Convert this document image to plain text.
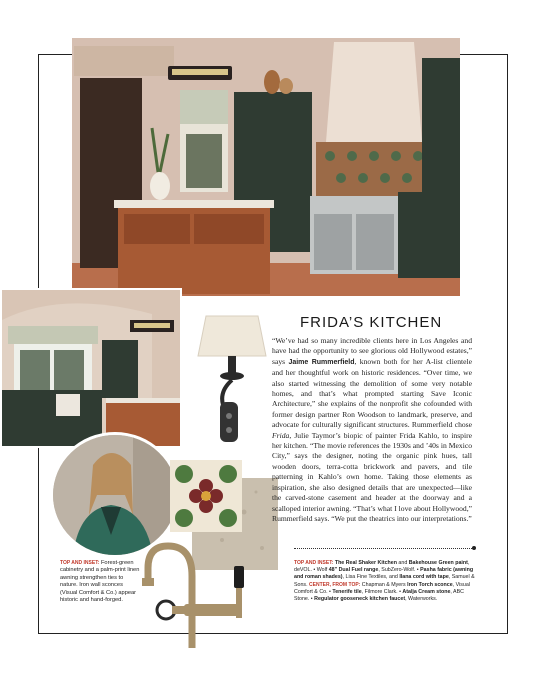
FRIDA’S KITCHEN
“We’ve had so many incredible clients here in Los Angeles and have had the opportunity to see glorious old Hollywood estates,” says Jaime Rummerfield, known both for her A-list clientele and her thoughtful work on historic residences. “Over time, we also started witnessing the demolition of some very notable homes, and that’s what prompted starting Save Iconic Architecture,” she explains of the nonprofit she cofounded with former design partner Ron Woodson to landmark, preserve, and advocate for culturally significant structures. Rummerfield chose Frida, Julie Taymor’s biopic of painter Frida Kahlo, to inspire her kitchen. “The movie references the 1930s and ’40s in Mexico City,” says the designer, noting the organic pink hues, tall wooden doors, terra-cotta brickwork and pavers, and tile patterning in Kahlo’s own home. Taking those elements as inspiration, she also designed details that are unexpected—like the carved-stone casement and header at the doorway and a scalloped interior awning. “That’s what I love about Hollywood,” Rummerfield says. “We put the theatrics into our interpretations.”
TOP AND INSET: Forest-green cabinetry and a palm-print linen awning strengthen ties to nature. Iron wall sconces (Visual Comfort & Co.) appear historic and hand-forged.
TOP AND INSET: The Real Shaker Kitchen and Bakehouse Green paint, deVOL. • Wolf 48" Dual Fuel range, SubZero-Wolf. • Pasha fabric (awning and roman shades), Lisa Fine Textiles, and Ilana cord with tape, Samuel & Sons. CENTER, FROM TOP: Chapman & Myers Iron Torch sconce, Visual Comfort & Co. • Tenerife tile, Filmore Clark. • Atalja Cream stone, ABC Stone. • Regulator gooseneck kitchen faucet, Waterworks.
